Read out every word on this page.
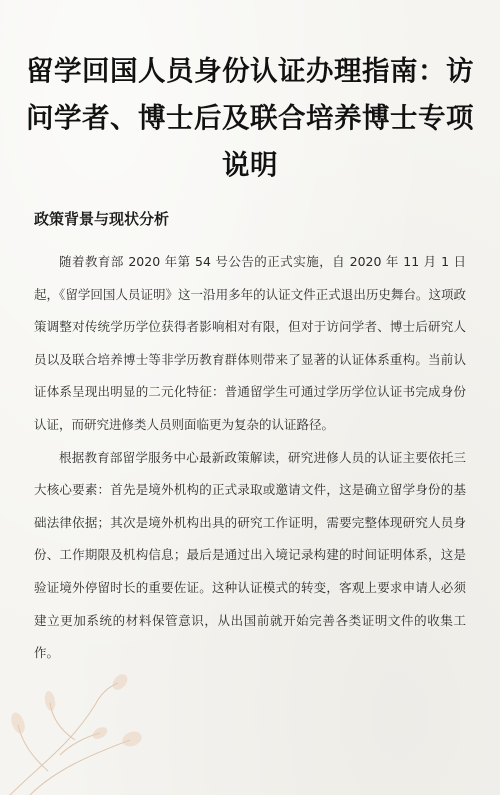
留学回国人员身份认证办理指南：访问学者、博士后及联合培养博士专项说明
政策背景与现状分析

随着教育部 2020 年第 54 号公告的正式实施，自 2020 年 11 月 1 日起，《留学回国人员证明》这一沿用多年的认证文件正式退出历史舞台。这项政策调整对传统学历学位获得者影响相对有限，但对于访问学者、博士后研究人员以及联合培养博士等非学历教育群体则带来了显著的认证体系重构。当前认证体系呈现出明显的二元化特征：普通留学生可通过学历学位认证书完成身份认证，而研究进修类人员则面临更为复杂的认证路径。

根据教育部留学服务中心最新政策解读，研究进修人员的认证主要依托三大核心要素：首先是境外机构的正式录取或邀请文件，这是确立留学身份的基础法律依据；其次是境外机构出具的研究工作证明，需要完整体现研究人员身份、工作期限及机构信息；最后是通过出入境记录构建的时间证明体系，这是验证境外停留时长的重要佐证。这种认证模式的转变，客观上要求申请人必须建立更加系统的材料保管意识，从出国前就开始完善各类证明文件的收集工作。
